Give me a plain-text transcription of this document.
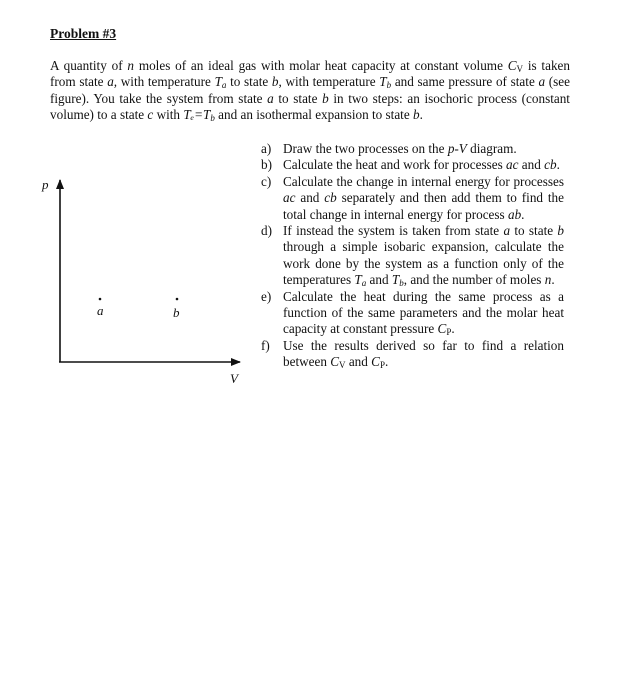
Problem #3
A quantity of n moles of an ideal gas with molar heat capacity at constant volume $C_V$ is taken from state a, with temperature $T_a$ to state b, with temperature $T_b$ and same pressure of state a (see figure). You take the system from state a to state b in two steps: an isochoric process (constant volume) to a state c with $T_e=T_b$ and an isothermal expansion to state b.
a) Draw the two processes on the p-V diagram.
b) Calculate the heat and work for processes ac and cb.
c) Calculate the change in internal energy for processes ac and cb separately and then add them to find the total change in internal energy for process ab.
d) If instead the system is taken from state a to state b through a simple isobaric expansion, calculate the work done by the system as a function only of the temperatures $T_a$ and $T_b$, and the number of moles n.
e) Calculate the heat during the same process as a function of the same parameters and the molar heat capacity at constant pressure $C_P$.
f) Use the results derived so far to find a relation between $C_V$ and $C_P$.
p
V
a	b
